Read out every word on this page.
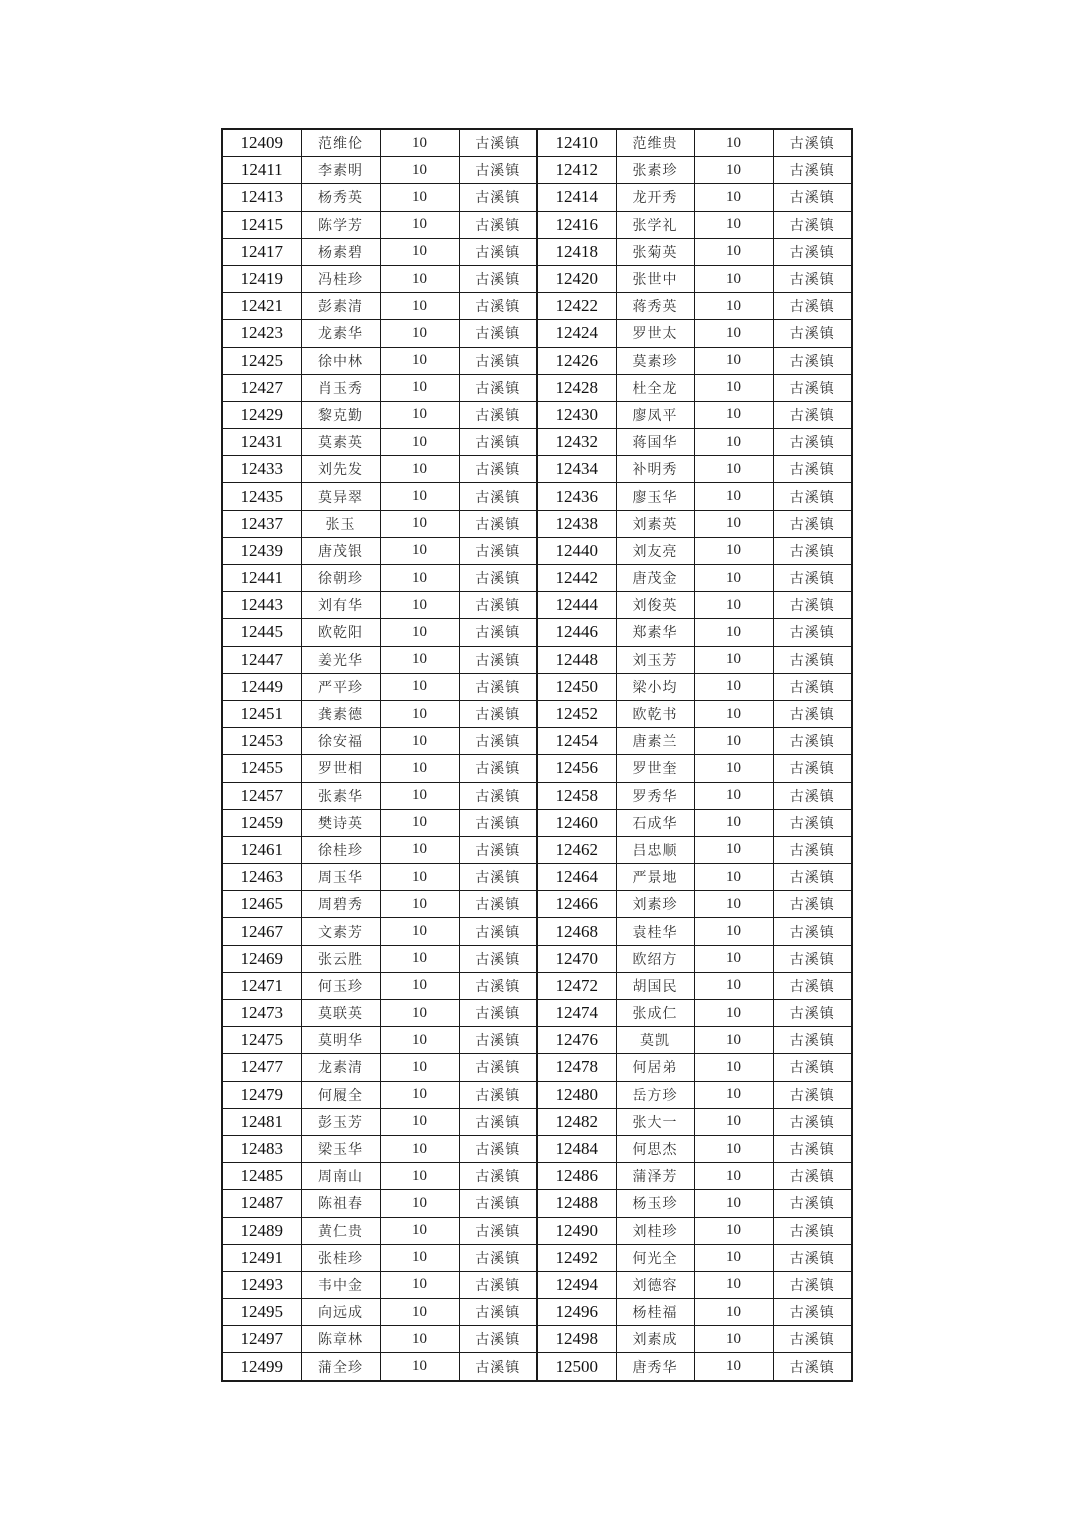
12409	范维伦	10	古溪镇	12410	范维贵	10	古溪镇
12411	李素明	10	古溪镇	12412	张素珍	10	古溪镇
12413	杨秀英	10	古溪镇	12414	龙开秀	10	古溪镇
12415	陈学芳	10	古溪镇	12416	张学礼	10	古溪镇
12417	杨素碧	10	古溪镇	12418	张菊英	10	古溪镇
12419	冯桂珍	10	古溪镇	12420	张世中	10	古溪镇
12421	彭素清	10	古溪镇	12422	蒋秀英	10	古溪镇
12423	龙素华	10	古溪镇	12424	罗世太	10	古溪镇
12425	徐中林	10	古溪镇	12426	莫素珍	10	古溪镇
12427	肖玉秀	10	古溪镇	12428	杜全龙	10	古溪镇
12429	黎克勤	10	古溪镇	12430	廖凤平	10	古溪镇
12431	莫素英	10	古溪镇	12432	蒋国华	10	古溪镇
12433	刘先发	10	古溪镇	12434	补明秀	10	古溪镇
12435	莫异翠	10	古溪镇	12436	廖玉华	10	古溪镇
12437	张玉	10	古溪镇	12438	刘素英	10	古溪镇
12439	唐茂银	10	古溪镇	12440	刘友亮	10	古溪镇
12441	徐朝珍	10	古溪镇	12442	唐茂金	10	古溪镇
12443	刘有华	10	古溪镇	12444	刘俊英	10	古溪镇
12445	欧乾阳	10	古溪镇	12446	郑素华	10	古溪镇
12447	姜光华	10	古溪镇	12448	刘玉芳	10	古溪镇
12449	严平珍	10	古溪镇	12450	梁小均	10	古溪镇
12451	龚素德	10	古溪镇	12452	欧乾书	10	古溪镇
12453	徐安福	10	古溪镇	12454	唐素兰	10	古溪镇
12455	罗世相	10	古溪镇	12456	罗世奎	10	古溪镇
12457	张素华	10	古溪镇	12458	罗秀华	10	古溪镇
12459	樊诗英	10	古溪镇	12460	石成华	10	古溪镇
12461	徐桂珍	10	古溪镇	12462	吕忠顺	10	古溪镇
12463	周玉华	10	古溪镇	12464	严景地	10	古溪镇
12465	周碧秀	10	古溪镇	12466	刘素珍	10	古溪镇
12467	文素芳	10	古溪镇	12468	袁桂华	10	古溪镇
12469	张云胜	10	古溪镇	12470	欧绍方	10	古溪镇
12471	何玉珍	10	古溪镇	12472	胡国民	10	古溪镇
12473	莫联英	10	古溪镇	12474	张成仁	10	古溪镇
12475	莫明华	10	古溪镇	12476	莫凯	10	古溪镇
12477	龙素清	10	古溪镇	12478	何居弟	10	古溪镇
12479	何履全	10	古溪镇	12480	岳方珍	10	古溪镇
12481	彭玉芳	10	古溪镇	12482	张大一	10	古溪镇
12483	梁玉华	10	古溪镇	12484	何思杰	10	古溪镇
12485	周南山	10	古溪镇	12486	蒲泽芳	10	古溪镇
12487	陈祖春	10	古溪镇	12488	杨玉珍	10	古溪镇
12489	黄仁贵	10	古溪镇	12490	刘桂珍	10	古溪镇
12491	张桂珍	10	古溪镇	12492	何光全	10	古溪镇
12493	韦中金	10	古溪镇	12494	刘德容	10	古溪镇
12495	向远成	10	古溪镇	12496	杨桂福	10	古溪镇
12497	陈章林	10	古溪镇	12498	刘素成	10	古溪镇
12499	蒲全珍	10	古溪镇	12500	唐秀华	10	古溪镇
